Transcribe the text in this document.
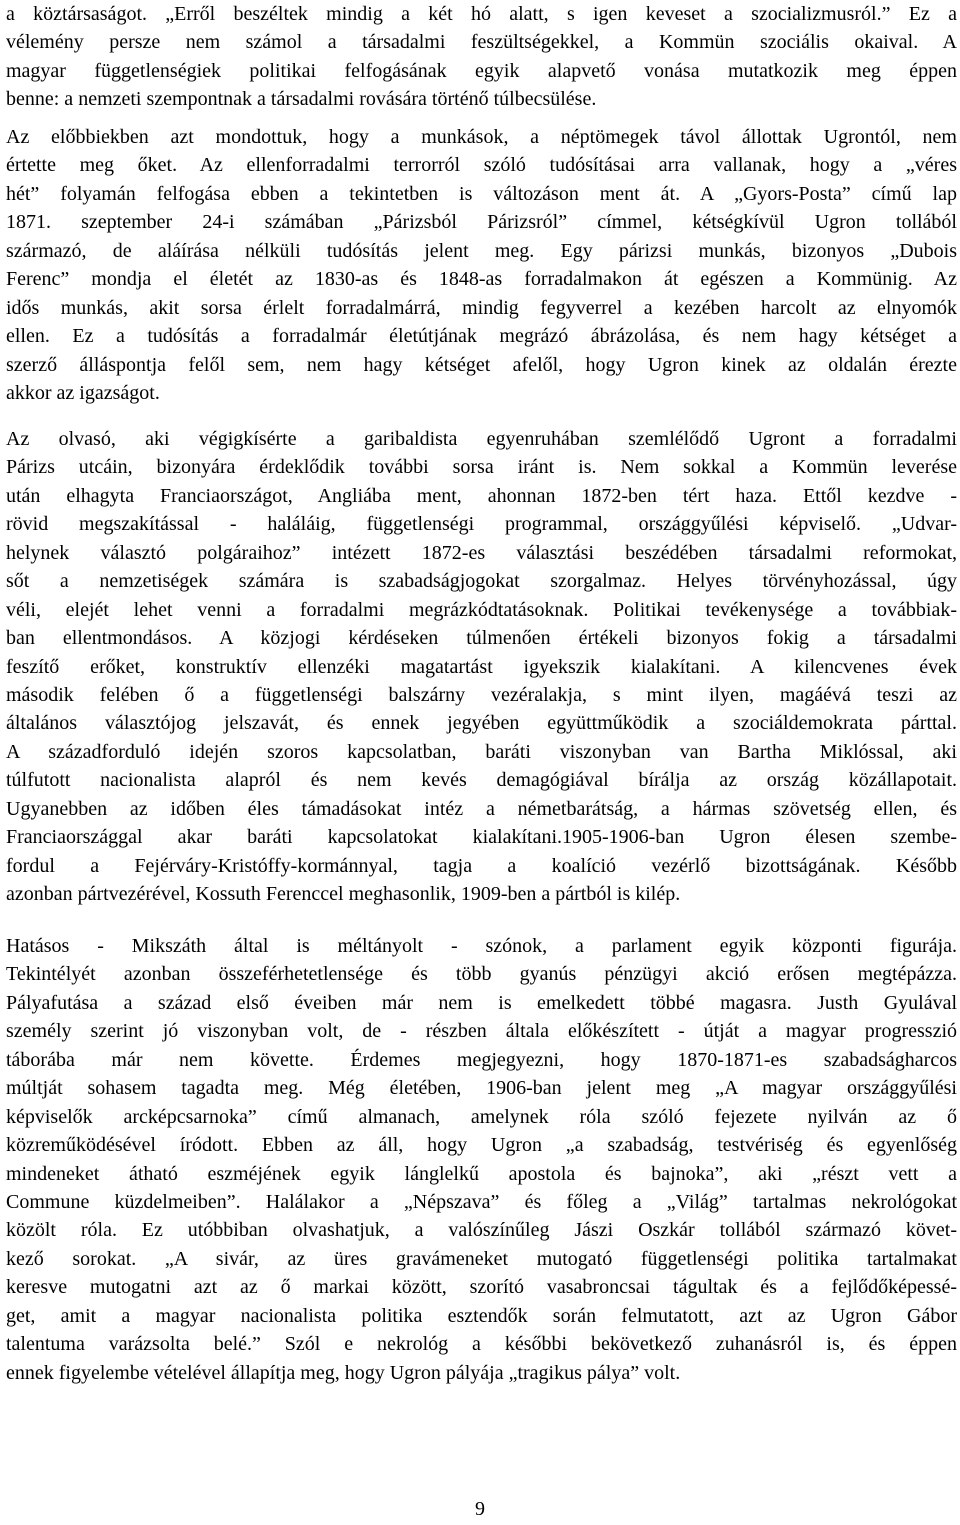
a köztársaságot. „Erről beszéltek mindig a két hó alatt, s igen keveset a szocializmusról.” Ez a
vélemény persze nem számol a társadalmi feszültségekkel, a Kommün szociális okaival. A
magyar függetlenségiek politikai felfogásának egyik alapvető vonása mutatkozik meg éppen
benne: a nemzeti szempontnak a társadalmi rovására történő túlbecsülése.
Az előbbiekben azt mondottuk, hogy a munkások, a néptömegek távol állottak Ugrontól, nem
értette meg őket. Az ellenforradalmi terrorról szóló tudósításai arra vallanak, hogy a „véres
hét” folyamán felfogása ebben a tekintetben is változáson ment át. A „Gyors-Posta” című lap
1871. szeptember 24-i számában „Párizsból Párizsról” címmel, kétségkívül Ugron tollából
származó, de aláírása nélküli tudósítás jelent meg. Egy párizsi munkás, bizonyos „Dubois
Ferenc” mondja el életét az 1830-as és 1848-as forradalmakon át egészen a Kommünig. Az
idős munkás, akit sorsa érlelt forradalmárrá, mindig fegyverrel a kezében harcolt az elnyomók
ellen. Ez a tudósítás a forradalmár életútjának megrázó ábrázolása, és nem hagy kétséget a
szerző álláspontja felől sem, nem hagy kétséget afelől, hogy Ugron kinek az oldalán érezte
akkor az igazságot.
Az olvasó, aki végigkísérte a garibaldista egyenruhában szemlélődő Ugront a forradalmi
Párizs utcáin, bizonyára érdeklődik további sorsa iránt is. Nem sokkal a Kommün leverése
után elhagyta Franciaországot, Angliába ment, ahonnan 1872-ben tért haza. Ettől kezdve -
rövid megszakítással - haláláig, függetlenségi programmal, országgyűlési képviselő. „Udvar-
helynek választó polgáraihoz” intézett 1872-es választási beszédében társadalmi reformokat,
sőt a nemzetiségek számára is szabadságjogokat szorgalmaz. Helyes törvényhozással, úgy
véli, elejét lehet venni a forradalmi megrázkódtatásoknak. Politikai tevékenysége a továbbiak-
ban ellentmondásos. A közjogi kérdéseken túlmenően értékeli bizonyos fokig a társadalmi
feszítő erőket, konstruktív ellenzéki magatartást igyekszik kialakítani. A kilencvenes évek
második felében ő a függetlenségi balszárny vezéralakja, s mint ilyen, magáévá teszi az
általános választójog jelszavát, és ennek jegyében együttműködik a szociáldemokrata párttal.
A századforduló idején szoros kapcsolatban, baráti viszonyban van Bartha Miklóssal, aki
túlfutott nacionalista alapról és nem kevés demagógiával bírálja az ország közállapotait.
Ugyanebben az időben éles támadásokat intéz a németbarátság, a hármas szövetség ellen, és
Franciaországgal akar baráti kapcsolatokat kialakítani.1905-1906-ban Ugron élesen szembe-
fordul a Fejérváry-Kristóffy-kormánnyal, tagja a koalíció vezérlő bizottságának. Később
azonban pártvezérével, Kossuth Ferenccel meghasonlik, 1909-ben a pártból is kilép.
Hatásos - Mikszáth által is méltányolt - szónok, a parlament egyik központi figurája.
Tekintélyét azonban összeférhetetlensége és több gyanús pénzügyi akció erősen megtépázza.
Pályafutása a század első éveiben már nem is emelkedett többé magasra. Justh Gyulával
személy szerint jó viszonyban volt, de - részben általa előkészített - útját a magyar progresszió
táborába már nem követte. Érdemes megjegyezni, hogy 1870-1871-es szabadságharcos
múltját sohasem tagadta meg. Még életében, 1906-ban jelent meg „A magyar országgyűlési
képviselők arcképcsarnoka” című almanach, amelynek róla szóló fejezete nyilván az ő
közreműködésével íródott. Ebben az áll, hogy Ugron „a szabadság, testvériség és egyenlőség
mindeneket átható eszméjének egyik lánglelkű apostola és bajnoka”, aki „részt vett a
Commune küzdelmeiben”. Halálakor a „Népszava” és főleg a „Világ” tartalmas nekrológokat
közölt róla. Ez utóbbiban olvashatjuk, a valószínűleg Jászi Oszkár tollából származó követ-
kező sorokat. „A sivár, az üres gravámeneket mutogató függetlenségi politika tartalmakat
keresve mutogatni azt az ő markai között, szorító vasabroncsai tágultak és a fejlődőképessé-
get, amit a magyar nacionalista politika esztendők során felmutatott, azt az Ugron Gábor
talentuma varázsolta belé.” Szól e nekrológ a későbbi bekövetkező zuhanásról is, és éppen
ennek figyelembe vételével állapítja meg, hogy Ugron pályája „tragikus pálya” volt.
9
